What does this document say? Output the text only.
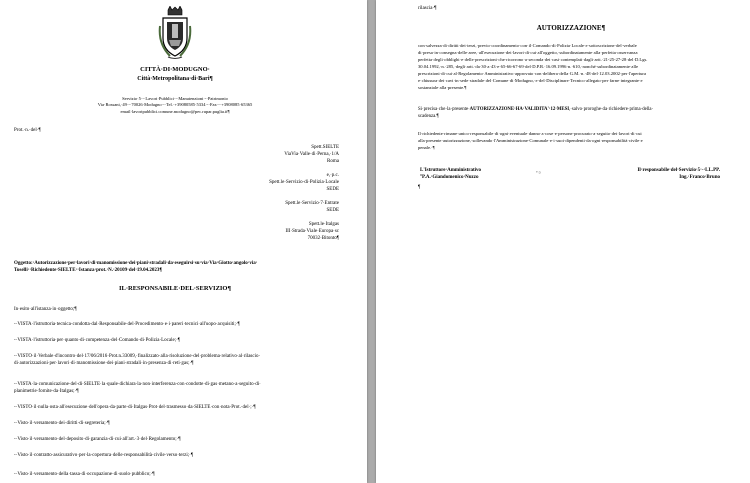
CITTÀ·DI·MODUGNO·
Città·Metropolitana·di·Bari¶
Servizio·5·-·Lavori·Pubblici·-·Manutenzioni·-·Patrimonio
Via·Rossani,·49·-·70026·Modugno·-·Tel.·+39080585·5334·-·Fax·-·+3908085·65365
email·lavoripubblici.comune.modugno@pec.rupar.puglia.it¶
Prot.·n.·del·¶
Spett.SIELTE
ViaVia·Valle·di·Perna,·1/A
Roma
e,·p.c.
Spett.le·Servizio·di·Polizia·Locale
SEDE
Spett.le·Servizio·7·Entrate
SEDE
Spett.le·Italgas
III·Strada·Viale·Europa·sc
70032·Bitonto¶
Oggetto:·Autorizzazione·per·lavori·di·manomissione·dei·piani·stradali·da·eseguirsi·su·via·Via·Giotto·angolo·via·
Toselli··Richiedente·SIELTE··Istanza·prot.·N.·20109·del·19.04.2023¶
IL·RESPONSABILE·DEL·SERVIZIO¶
In·esito·all'istanza·in·oggetto;¶
-·VISTA·l'istruttoria·tecnica·condotta·dal·Responsabile·del·Procedimento·e·i·pareri·tecnici·all'uopo·acquisiti;·¶
-·VISTA·l'istruttoria·per·quanto·di·competenza·del·Comando·di·Polizia·Locale;·¶
-·VISTO·il·Verbale·d'incontro·del·17/06/2016·Prot.n.33009,·finalizzato·alla·risoluzione·del·problema·relativo·al·rilascio·
di·autorizzazioni·per·lavori·di·manomissione·dei·piani·stradali·in·presenza·di·reti·gas;·¶
-·VISTA·la·comunicazione·del·di·SIELTE·la·quale·dichiara·la·non·interferenza·con·condotte·di·gas·metano·a·seguito·di·
planimetrie·fornite·da·Italgas;·¶
-·VISTO·il·nulla·osta·all'esecuzione·dell'opera·da·parte·di·Italgas·Prot·del·trasmesso·da·SIELTE·con·nota·Prot.·del·;·¶
-·Visto·il·versamento·dei·diritti·di·segreteria;·¶
-·Visto·il·versamento·del·deposito·di·garanzia·di·cui·all'art.·3·del·Regolamento;·¶
-·Visto·il·contratto·assicurativo·per·la·copertura·delle·responsabilità·civile·verso·terzi;·¶
-·Visto·il·versamento·della·tassa·di·occupazione·di·suolo·pubblico;·¶
rilascia·¶
AUTORIZZAZIONE¶
con·salvezza·di·diritti·dei·terzi,·previo·coordinamento·con·il·Comando·di·Polizia·Locale·e·sottoscrizione·del·verbale
di·presa·in·consegna·delle·aree,·all'esecuzione·dei·lavori·di·cui·all'oggetto,·subordinatamente·alla·perfetta·osservanza
perfetta·degli·obblighi·e·delle·prescrizioni·che·ricorrono·a·seconda·dei·casi·contemplati·dagli·artt.·21-25-27-28·del·D.Lgs.
30.04.1992,·n.·285,·degli·artt.·da·30·a·43·e·65-66-67-69·del·D.P.R.·16.09.1996·n.·610,·nonché·subordinatamente·alle
prescrizioni·di·cui·al·Regolamento·Amministrativo·approvato·con·delibera·della·G.M.·n.·48·del·12.03.2002·per·l'apertura
e·chiusura·dei·cavi·in·sede·stradale·del·Comune·di·Modugno,·e·del·Disciplinare·Tecnico·allegato·per·farne·integrante·e
sostanziale·alla·presente.¶
Si·precisa·che·la·presente·AUTORIZZAZIONE·HA·VALIDITA'·12·MESI,·salvo·proroghe·da·richiedere·prima·della·
scadenza.¶
Il·richiedente·rimane·unico·responsabile·di·ogni·eventuale·danno·a·cose·e·persone·procurato·a·seguito·dei·lavori·di·cui
alla·presente·autorizzazione,·sollevando·l'Amministrazione·Comunale·e·i·suoi·dipendenti·da·ogni·responsabilità·civile·e
penale.·¶
L'Istruttore·Amministrativo
°P.A.·Giandomenico·Nuzzo
° ¤	Il·responsabile·del·Servizio·5·-·LL.PP.
Ing.·Franco·Bruno
¶
